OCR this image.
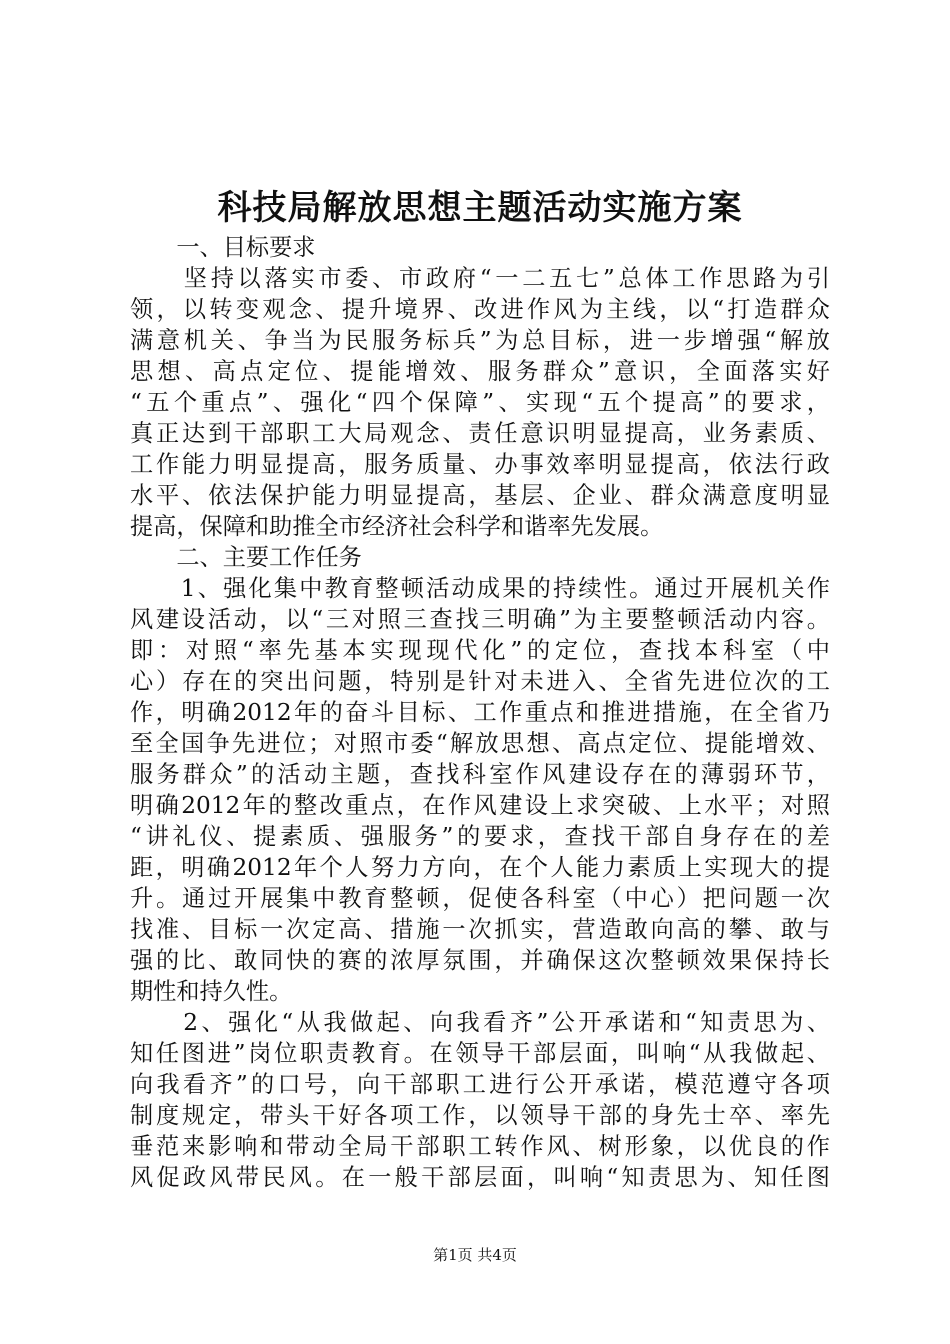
科技局解放思想主题活动实施方案
　　一、目标要求
　　坚持以落实市委、市政府“一二五七”总体工作思路为引
领，以转变观念、提升境界、改进作风为主线，以“打造群众
满意机关、争当为民服务标兵”为总目标，进一步增强“解放
思想、高点定位、提能增效、服务群众”意识，全面落实好
“五个重点”、强化“四个保障”、实现“五个提高”的要求，
真正达到干部职工大局观念、责任意识明显提高，业务素质、
工作能力明显提高，服务质量、办事效率明显提高，依法行政
水平、依法保护能力明显提高，基层、企业、群众满意度明显
提高，保障和助推全市经济社会科学和谐率先发展。
　　二、主要工作任务
　　1、强化集中教育整顿活动成果的持续性。通过开展机关作
风建设活动，以“三对照三查找三明确”为主要整顿活动内容。
即：对照“率先基本实现现代化”的定位，查找本科室（中
心）存在的突出问题，特别是针对未进入、全省先进位次的工
作，明确2012年的奋斗目标、工作重点和推进措施，在全省乃
至全国争先进位；对照市委“解放思想、高点定位、提能增效、
服务群众”的活动主题，查找科室作风建设存在的薄弱环节，
明确2012年的整改重点，在作风建设上求突破、上水平；对照
“讲礼仪、提素质、强服务”的要求，查找干部自身存在的差
距，明确2012年个人努力方向，在个人能力素质上实现大的提
升。通过开展集中教育整顿，促使各科室（中心）把问题一次
找准、目标一次定高、措施一次抓实，营造敢向高的攀、敢与
强的比、敢同快的赛的浓厚氛围，并确保这次整顿效果保持长
期性和持久性。
　　2、强化“从我做起、向我看齐”公开承诺和“知责思为、
知任图进”岗位职责教育。在领导干部层面，叫响“从我做起、
向我看齐”的口号，向干部职工进行公开承诺，模范遵守各项
制度规定，带头干好各项工作，以领导干部的身先士卒、率先
垂范来影响和带动全局干部职工转作风、树形象，以优良的作
风促政风带民风。在一般干部层面，叫响“知责思为、知任图
第1页 共4页
